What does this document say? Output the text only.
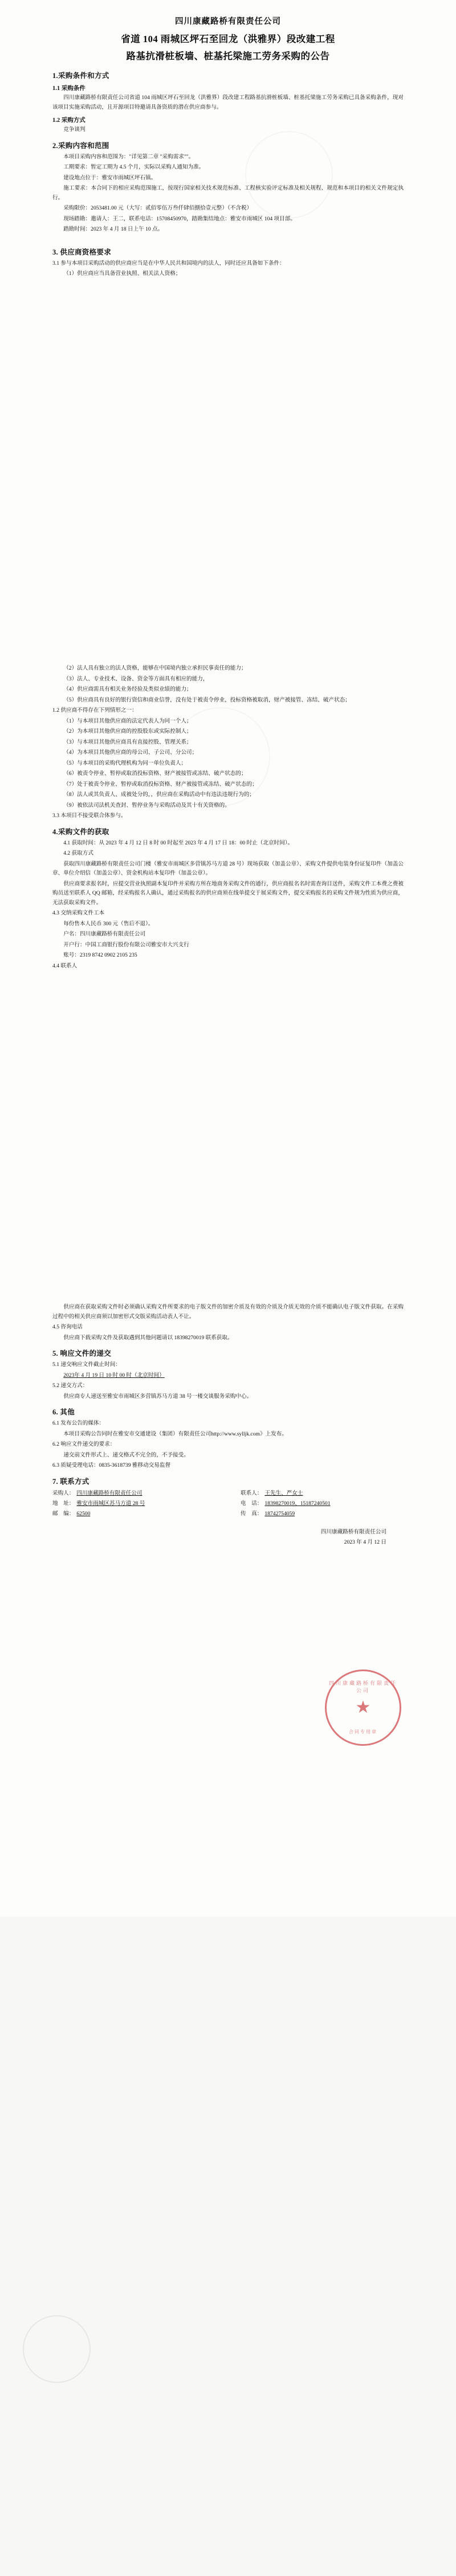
四川康藏路桥有限责任公司
省道 104 雨城区坪石至回龙（洪雅界）段改建工程
路基抗滑桩板墙、桩基托梁施工劳务采购的公告
1.采购条件和方式
1.1 采购条件

四川康藏路桥有限责任公司省道 104 雨城区坪石至回龙（洪雅界）段改建工程路基抗滑桩板墙、桩基托梁施工劳务采购已具备采购条件，现对该项目实施采购活动，且开源项目特邀请具备资质的潜在供应商参与。

1.2 采购方式

竞争谈判

2.采购内容和范围

本项目采购内容和范围为："详见第二章 "采购需求""。

工期要求：暂定工期为 4.5 个月，实际以采购人通知为准。

建设地点位于：雅安市雨城区坪石镇。

施工要求：本合同下的相应采购范围施工，按现行国家相关技术规范标准、工程核实验评定标准及相关规程、规范和本项目的相关文件规定执行。

采购限价：2053481.00 元（大写：贰佰零伍万叁仟肆佰捌拾壹元整）（不含税）

现场踏勘：邀请人：王二，联系电话：15708450970，踏勘集结地点：雅安市雨城区 104 项目部。

踏勘时间：2023 年 4 月 18 日上午 10 点。

3. 供应商资格要求

3.1 参与本项目采购活动的供应商应当是在中华人民共和国境内的法人，同时还应具备如下条件：

（1）供应商应当具备营业执照、相关法人资格；

（2）法人具有独立的法人资格，能够在中国境内独立承担民事责任的能力；

（3）法人、专业技术、设备、资金等方面具有相应的能力，

（4）供应商需具有相关业务经验及类似业绩的能力；

（5）供应商具有良好的银行资信和商业信誉，没有处于被责令停业，投标资格被取消，财产被接管、冻结、破产状态；

1.2 供应商不得存在下列情形之一：

（1）与本项目其他供应商的法定代表人为同一个人；

（2）为本项目其他供应商的控股股东或实际控制人；

（3）与本项目其他供应商具有直接控股、管理关系；

（4）为本项目其他供应商的母公司、子公司、分公司；

（5）与本项目的采购代理机构为同一单位负责人；

（6）被责令停业、暂停或取消投标资格、财产被接管或冻结、破产状态的；

（7）处于被责令停业、暂停或取消投标资格、财产被接管或冻结、破产状态的；

（8）法人或其负责人、成被处分的，，供应商在采购活动中有违法违规行为的；

（9）被依法司法机关查封、暂停业务与采购活动及其十有关资格的。

3.3 本项目不接受联合体参与。

4.采购文件的获取

4.1 获取时间：从 2023 年 4 月 12 日 8 时 00 时起至 2023 年 4 月 17 日 18：00 时止（北京时间）。

4.2 获取方式

获取四川康藏路桥有限责任公司门楼（雅安市雨城区多营镇苏马方道 28 号）现场获取（加盖公章）、采购文件提供电装身份证复印件（加盖公章、单位介绍信（加盖公章）、资金机构站本复印件（加盖公章）。

供应商要求报名时，应提交营业执照副本复印件并采购方所在地商务采购文件的通行，供应商报名名时需查询目送件，采购文件工本费之费被购员送至联系人 QQ 邮箱，经采购报名人确认，通过采购报名的供应商须在线单提交于展采购文件，提交采购报名的采购文件规为性质为供应商，无法获取采购文件。

4.3 交纳采购文件工本

每份售本人民币 300 元（售后不退）。

户名：四川康藏路桥有限责任公司

开户行：中国工商银行股份有限公司雅安市大兴支行

账号：2319 8742 0902 2105 235

4.4 联系人

供应商在获取采购文件时必须确认采购文件所要求的电子版文件的加密介质及有效的介质及介质无效的介质不能确认电子版文件获取。在采购过程中的相关供应商须以加密形式交版采购活动表人不让。

4.5 咨询电话

供应商下载采购文件及获取遇到其他问题请以 18398270019 联系获取。

5. 响应文件的递交

5.1 递交响应文件截止时间：

2023年 4 月 19 日 10 时 00 时（北京时间）

5.2 递交方式：

供应商专人递送至雅安市雨城区多营镇苏马方道 38 号一楼交谈服务采购中心。

6. 其他

6.1 发布公告的媒体：

本项目采购公告同时在雅安市交通建设（集团）有限责任公司http://www.sylljk.com》上发布。

6.2 响应文件递交的要求：

递交前文件形式上、递交格式不完全的，不予接受。

6.3 质疑受理电话：0835-3618739 雅移动交易监督

7. 联系方式
采购人： 四川康藏路桥有限责任公司	联系人： 王先生、严女士
地　址： 雅安市雨城区苏马方道 28 号	电　话： 18398270019、15187240501
邮　编： 62500	传　真： 18742754059
四川康藏路桥有限责任公司
2023 年 4 月 12 日
四川康藏路桥有限责任公司
★
合同专用章
